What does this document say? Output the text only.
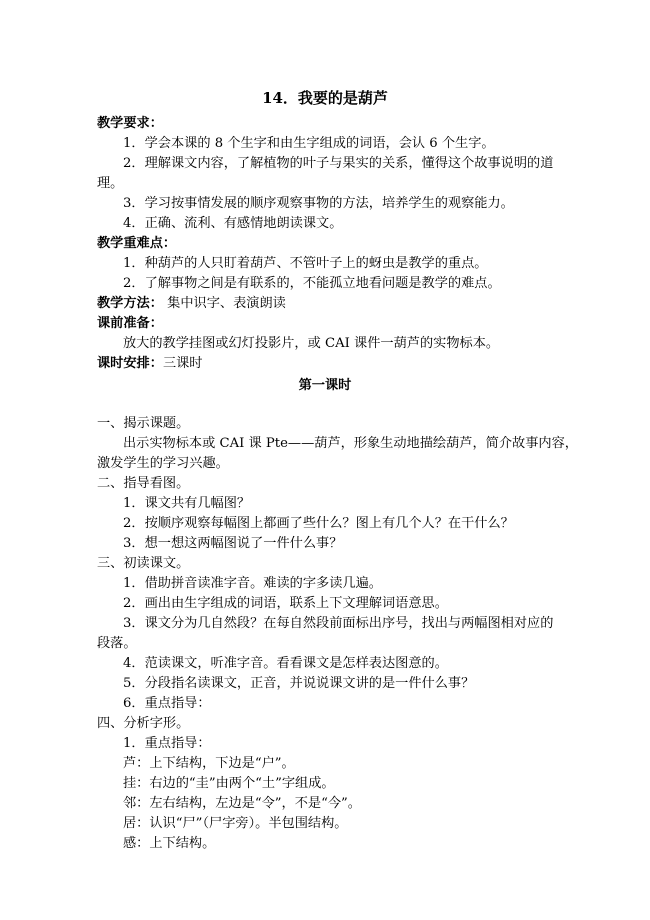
14．我要的是葫芦
教学要求：
1．学会本课的 8 个生字和由生字组成的词语，会认 6 个生字。
2．理解课文内容，了解植物的叶子与果实的关系，懂得这个故事说明的道
理。
3．学习按事情发展的顺序观察事物的方法，培养学生的观察能力。
4．正确、流利、有感情地朗读课文。
教学重难点：
1．种葫芦的人只盯着葫芦、不管叶子上的蚜虫是教学的重点。
2．了解事物之间是有联系的，不能孤立地看问题是教学的难点。
教学方法： 集中识字、表演朗读
课前准备：
放大的教学挂图或幻灯投影片，或 CAI 课件一葫芦的实物标本。
课时安排：三课时
第一课时
一、揭示课题。
出示实物标本或 CAI 课 Pte——葫芦，形象生动地描绘葫芦，简介故事内容，
激发学生的学习兴趣。
二、指导看图。
1．课文共有几幅图？
2．按顺序观察每幅图上都画了些什么？图上有几个人？在干什么？
3．想一想这两幅图说了一件什么事？
三、初读课文。
1．借助拼音读准字音。难读的字多读几遍。
2．画出由生字组成的词语，联系上下文理解词语意思。
3．课文分为几自然段？在每自然段前面标出序号，找出与两幅图相对应的
段落。
4．范读课文，听准字音。看看课文是怎样表达图意的。
5．分段指名读课文，正音，并说说课文讲的是一件什么事？
6．重点指导：
四、分析字形。
1．重点指导：
芦：上下结构，下边是“户”。
挂：右边的“圭”由两个“土”字组成。
邻：左右结构，左边是“令”，不是“今”。
居：认识“尸”（尸字旁）。半包围结构。
感：上下结构。
